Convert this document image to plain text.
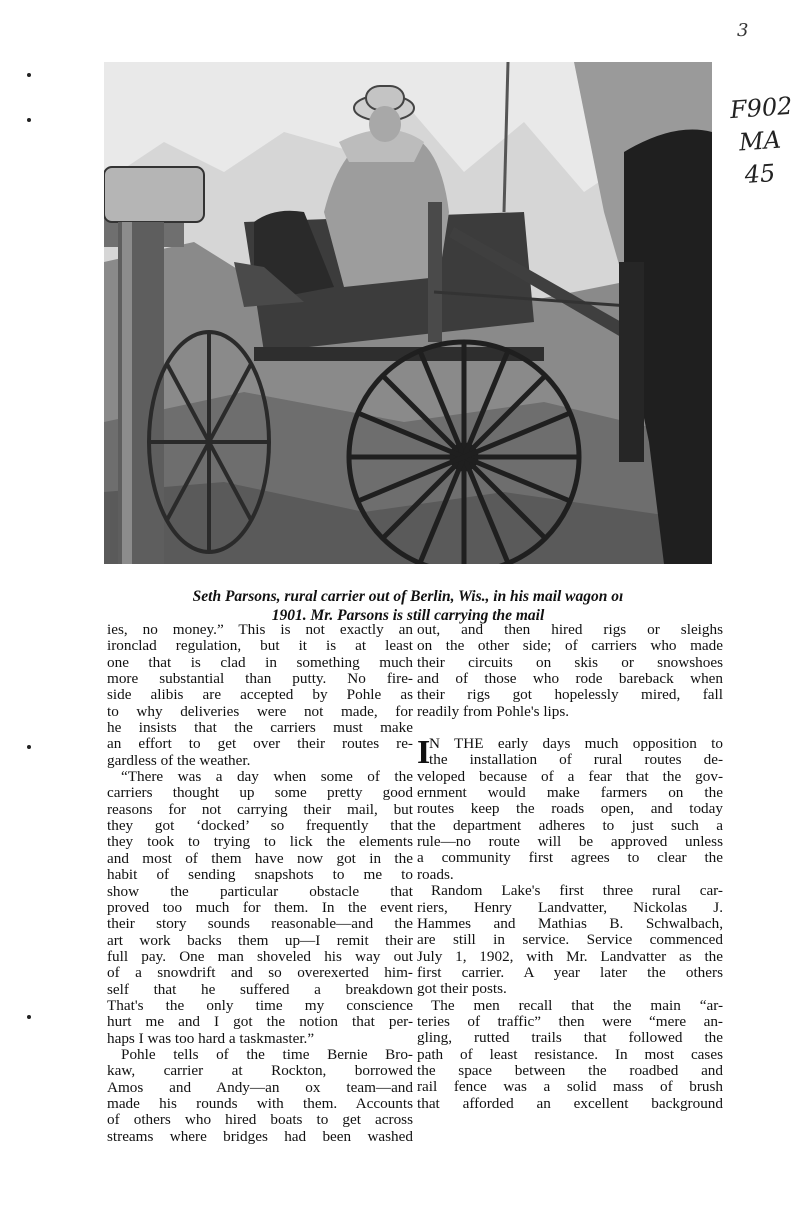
3
F902
MA
45
Seth Parsons, rural carrier out of Berlin, Wis., in his mail wagon oı
1901. Mr. Parsons is still carrying the mail
ies, no money.” This is not exactly an
ironclad regulation, but it is at least
one that is clad in something much
more substantial than putty. No fire-
side alibis are accepted by Pohle as
to why deliveries were not made, for
he insists that the carriers must make
an effort to get over their routes re-
gardless of the weather.
“There was a day when some of the
carriers thought up some pretty good
reasons for not carrying their mail, but
they got ‘docked’ so frequently that
they took to trying to lick the elements
and most of them have now got in the
habit of sending snapshots to me to
show the particular obstacle that
proved too much for them. In the event
their story sounds reasonable—and the
art work backs them up—I remit their
full pay. One man shoveled his way out
of a snowdrift and so overexerted him-
self that he suffered a breakdown
That's the only time my conscience
hurt me and I got the notion that per-
haps I was too hard a taskmaster.”
Pohle tells of the time Bernie Bro-
kaw, carrier at Rockton, borrowed
Amos and Andy—an ox team—and
made his rounds with them. Accounts
of others who hired boats to get across
streams where bridges had been washed
out, and then hired rigs or sleighs
on the other side; of carriers who made
their circuits on skis or snowshoes
and of those who rode bareback when
their rigs got hopelessly mired, fall
readily from Pohle's lips.
I
N THE early days much opposition to
the installation of rural routes de-
veloped because of a fear that the gov-
ernment would make farmers on the
routes keep the roads open, and today
the department adheres to just such a
rule—no route will be approved unless
a community first agrees to clear the
roads.
Random Lake's first three rural car-
riers, Henry Landvatter, Nickolas J.
Hammes and Mathias B. Schwalbach,
are still in service. Service commenced
July 1, 1902, with Mr. Landvatter as the
first carrier. A year later the others
got their posts.
The men recall that the main “ar-
teries of traffic” then were “mere an-
gling, rutted trails that followed the
path of least resistance. In most cases
the space between the roadbed and
rail fence was a solid mass of brush
that afforded an excellent background
